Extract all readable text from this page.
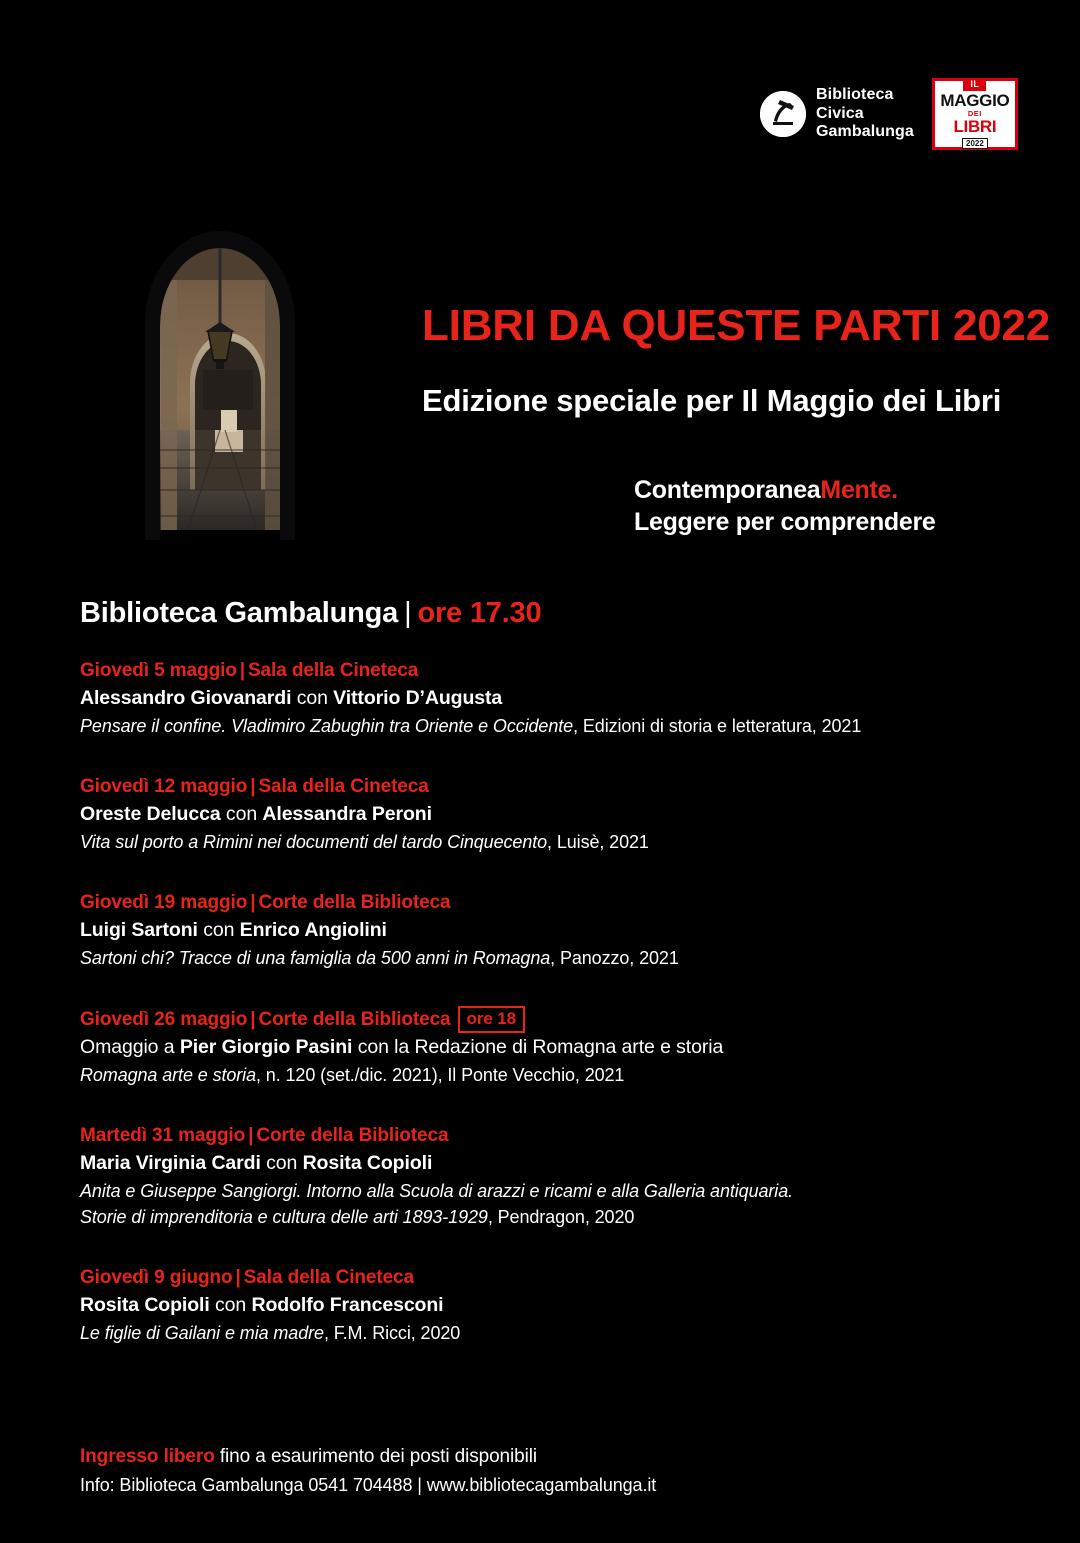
Biblioteca
Civica
Gambalunga
IL
MAGGIO
DEI
LIBRI
2022
LIBRI DA QUESTE PARTI 2022
Edizione speciale per Il Maggio dei Libri
ContemporaneaMente.
Leggere per comprendere
Biblioteca Gambalunga | ore 17.30
Giovedì 5 maggio | Sala della Cineteca
Alessandro Giovanardi con Vittorio D’Augusta
Pensare il confine. Vladimiro Zabughin tra Oriente e Occidente, Edizioni di storia e letteratura, 2021
Giovedì 12 maggio | Sala della Cineteca
Oreste Delucca con Alessandra Peroni
Vita sul porto a Rimini nei documenti del tardo Cinquecento, Luisè, 2021
Giovedì 19 maggio | Corte della Biblioteca
Luigi Sartoni con Enrico Angiolini
Sartoni chi? Tracce di una famiglia da 500 anni in Romagna, Panozzo, 2021
Giovedì 26 maggio | Corte della Biblioteca ore 18
Omaggio a Pier Giorgio Pasini con la Redazione di Romagna arte e storia
Romagna arte e storia, n. 120 (set./dic. 2021), Il Ponte Vecchio, 2021
Martedì 31 maggio | Corte della Biblioteca
Maria Virginia Cardi con Rosita Copioli
Anita e Giuseppe Sangiorgi. Intorno alla Scuola di arazzi e ricami e alla Galleria antiquaria.
Storie di imprenditoria e cultura delle arti 1893-1929, Pendragon, 2020
Giovedì 9 giugno | Sala della Cineteca
Rosita Copioli con Rodolfo Francesconi
Le figlie di Gailani e mia madre, F.M. Ricci, 2020
Ingresso libero fino a esaurimento dei posti disponibili
Info: Biblioteca Gambalunga 0541 704488 | www.bibliotecagambalunga.it
